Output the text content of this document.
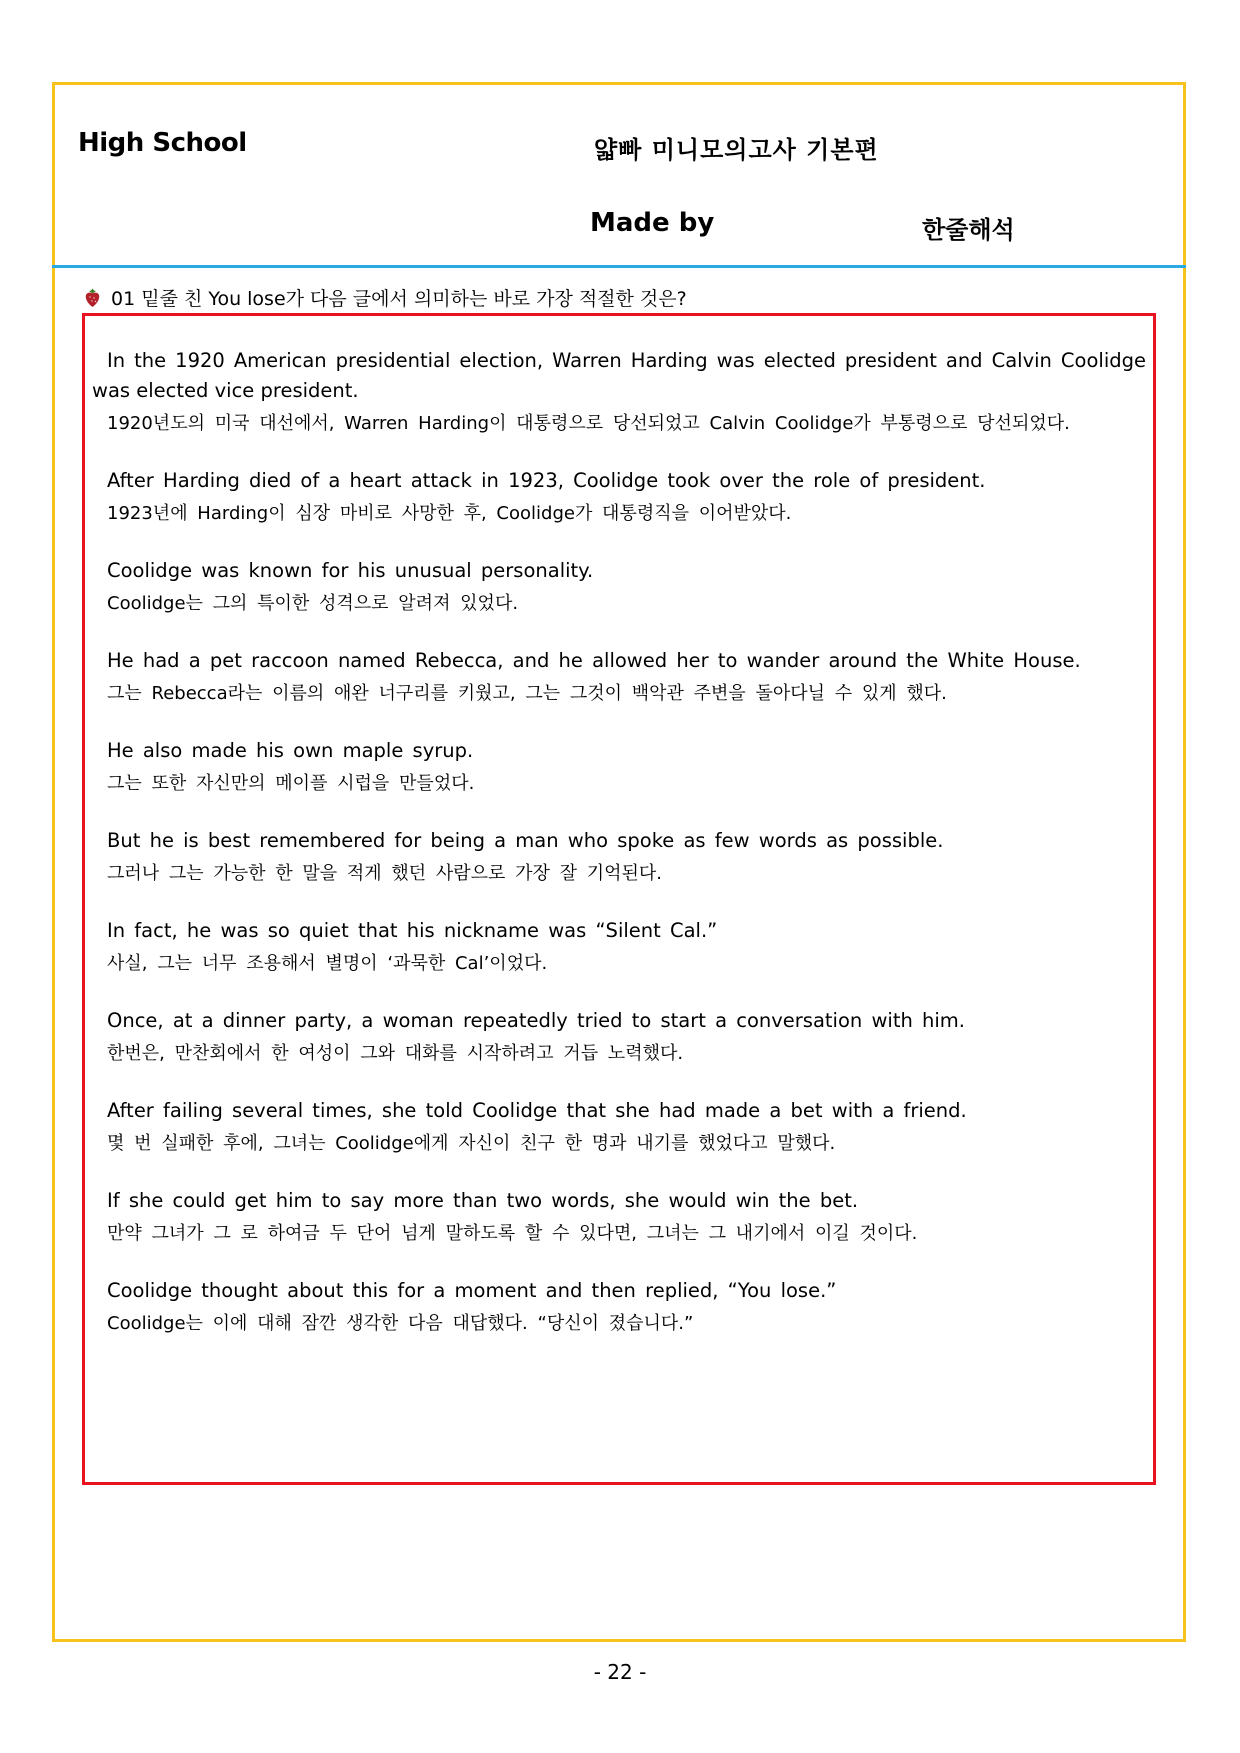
High School	얇빠 미니모의고사 기본편
Made by	한줄해석
01 밑줄 친 You lose가 다음 글에서 의미하는 바로 가장 적절한 것은?

In the 1920 American presidential election, Warren Harding was elected president and Calvin Coolidge was elected vice president.

1920년도의 미국 대선에서, Warren Harding이 대통령으로 당선되었고 Calvin Coolidge가 부통령으로 당선되었다.

After Harding died of a heart attack in 1923, Coolidge took over the role of president.

1923년에 Harding이 심장 마비로 사망한 후, Coolidge가 대통령직을 이어받았다.

Coolidge was known for his unusual personality.

Coolidge는 그의 특이한 성격으로 알려져 있었다.

He had a pet raccoon named Rebecca, and he allowed her to wander around the White House.

그는 Rebecca라는 이름의 애완 너구리를 키웠고, 그는 그것이 백악관 주변을 돌아다닐 수 있게 했다.

He also made his own maple syrup.

그는 또한 자신만의 메이플 시럽을 만들었다.

But he is best remembered for being a man who spoke as few words as possible.

그러나 그는 가능한 한 말을 적게 했던 사람으로 가장 잘 기억된다.

In fact, he was so quiet that his nickname was “Silent Cal.”

사실, 그는 너무 조용해서 별명이 ‘과묵한 Cal’이었다.

Once, at a dinner party, a woman repeatedly tried to start a conversation with him.

한번은, 만찬회에서 한 여성이 그와 대화를 시작하려고 거듭 노력했다.

After failing several times, she told Coolidge that she had made a bet with a friend.

몇 번 실패한 후에, 그녀는 Coolidge에게 자신이 친구 한 명과 내기를 했었다고 말했다.

If she could get him to say more than two words, she would win the bet.

만약 그녀가 그 로 하여금 두 단어 넘게 말하도록 할 수 있다면, 그녀는 그 내기에서 이길 것이다.

Coolidge thought about this for a moment and then replied, “You lose.”

Coolidge는 이에 대해 잠깐 생각한 다음 대답했다. “당신이 졌습니다.”

- 22 -
